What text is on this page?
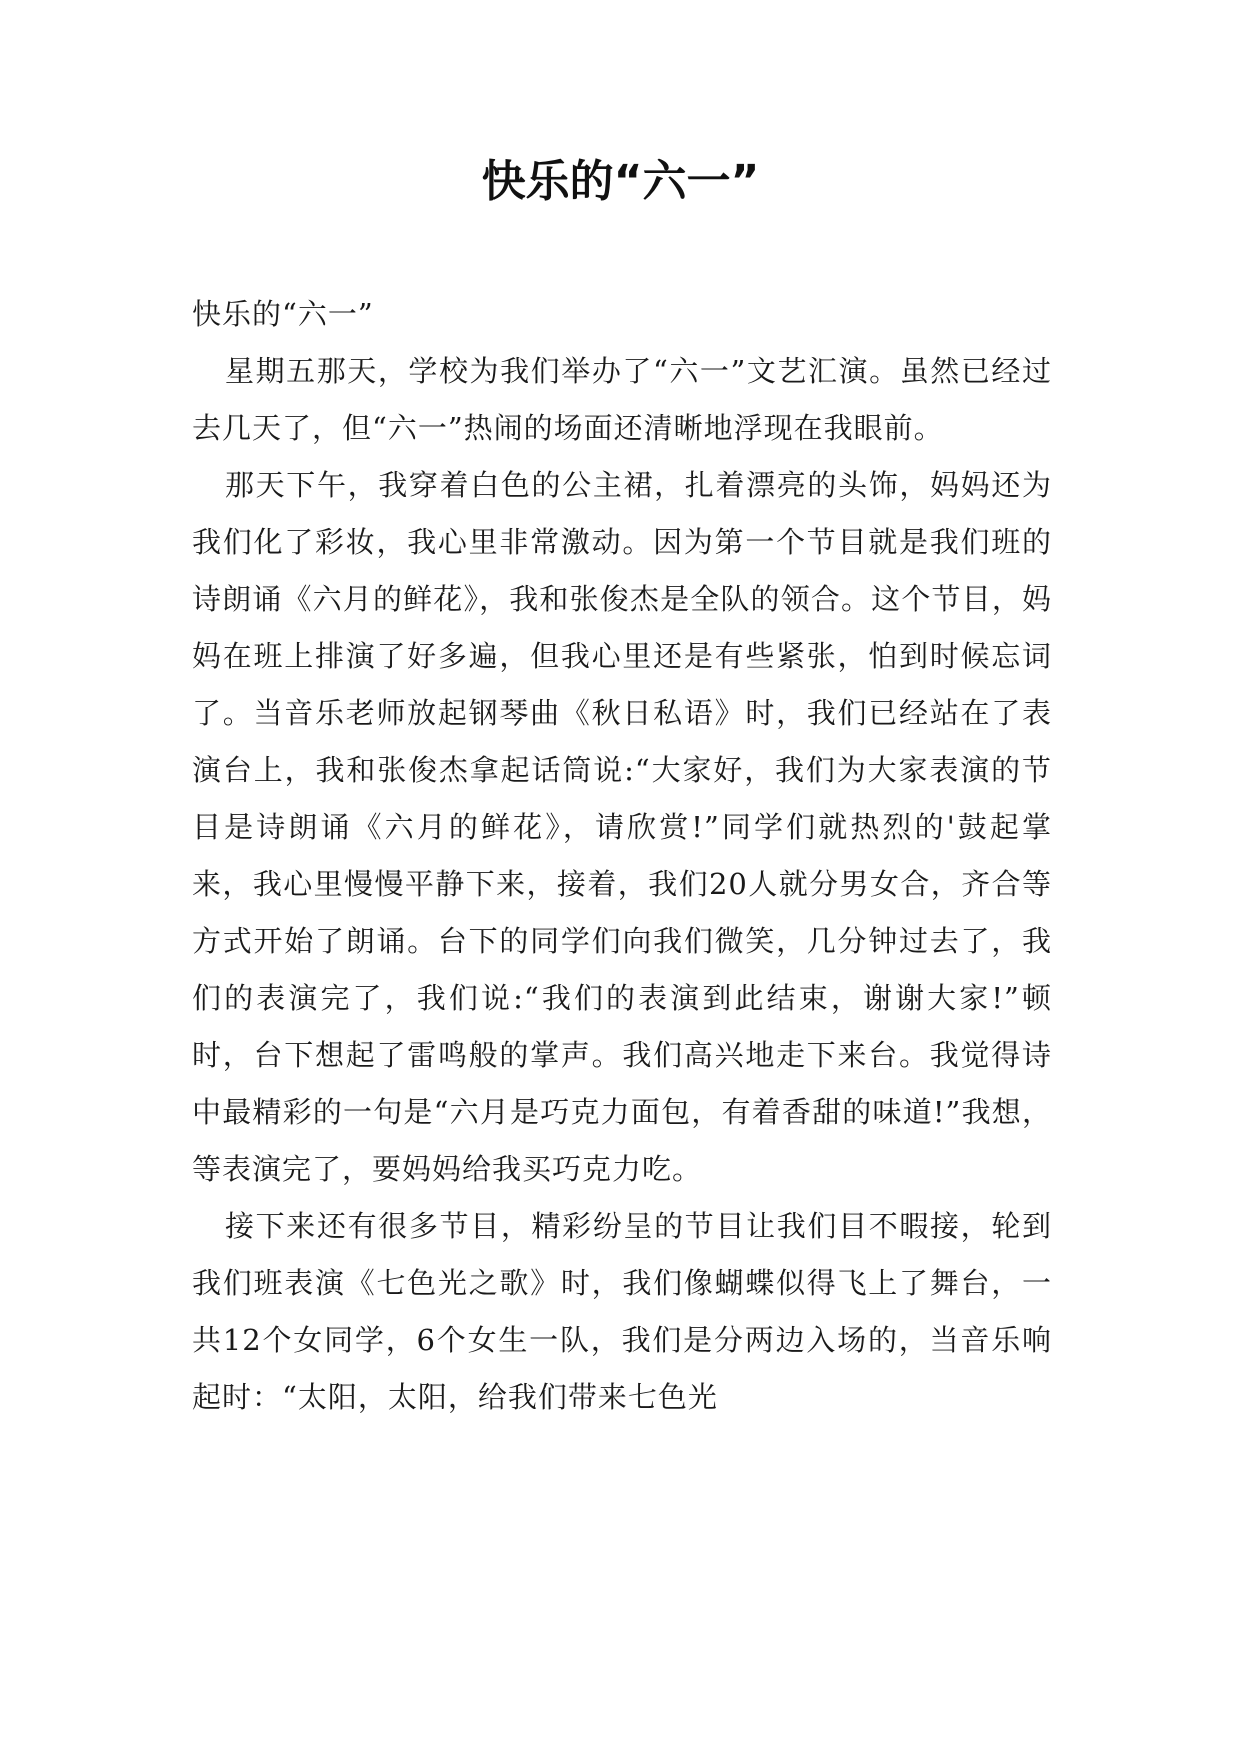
快乐的“六一”

快乐的“六一”

星期五那天，学校为我们举办了“六一”文艺汇演。虽然已经过去几天了，但“六一”热闹的场面还清晰地浮现在我眼前。

那天下午，我穿着白色的公主裙，扎着漂亮的头饰，妈妈还为我们化了彩妆，我心里非常激动。因为第一个节目就是我们班的诗朗诵《六月的鲜花》，我和张俊杰是全队的领合。这个节目，妈妈在班上排演了好多遍，但我心里还是有些紧张，怕到时候忘词了。当音乐老师放起钢琴曲《秋日私语》时，我们已经站在了表演台上，我和张俊杰拿起话筒说:“大家好，我们为大家表演的节目是诗朗诵《六月的鲜花》，请欣赏!”同学们就热烈的'鼓起掌来，我心里慢慢平静下来，接着，我们20人就分男女合，齐合等方式开始了朗诵。台下的同学们向我们微笑，几分钟过去了，我们的表演完了，我们说:“我们的表演到此结束，谢谢大家!”顿时，台下想起了雷鸣般的掌声。我们高兴地走下来台。我觉得诗中最精彩的一句是“六月是巧克力面包，有着香甜的味道!”我想，等表演完了，要妈妈给我买巧克力吃。

接下来还有很多节目，精彩纷呈的节目让我们目不暇接，轮到我们班表演《七色光之歌》时，我们像蝴蝶似得飞上了舞台，一共12个女同学，6个女生一队，我们是分两边入场的，当音乐响起时：“太阳，太阳，给我们带来七色光
